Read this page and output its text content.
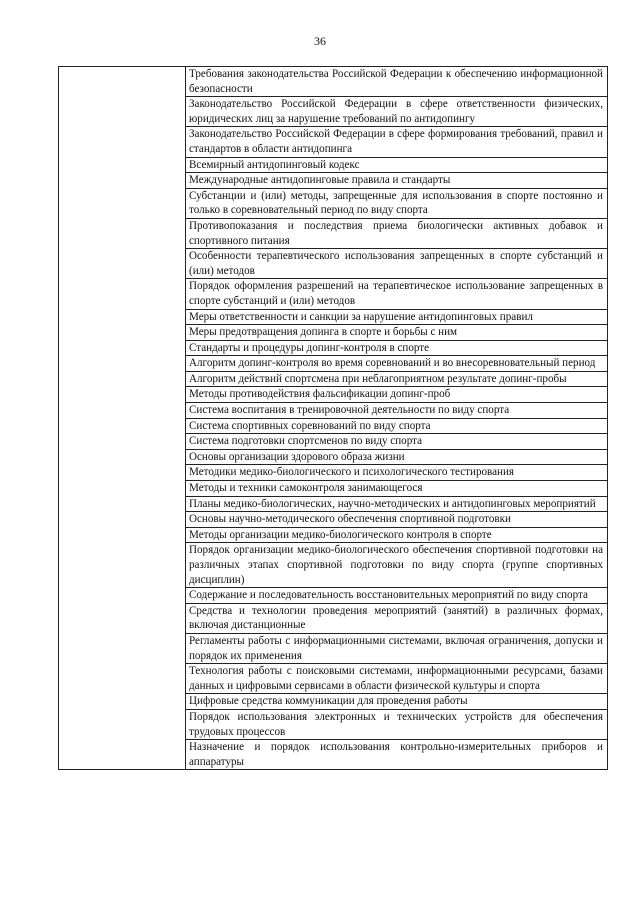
36
Требования законодательства Российской Федерации к обеспечению информационной безопасности
Законодательство Российской Федерации в сфере ответственности физических, юридических лиц за нарушение требований по антидопингу
Законодательство Российской Федерации в сфере формирования требований, правил и стандартов в области антидопинга
Всемирный антидопинговый кодекс
Международные антидопинговые правила и стандарты
Субстанции и (или) методы, запрещенные для использования в спорте постоянно и только в соревновательный период по виду спорта
Противопоказания и последствия приема биологически активных добавок и спортивного питания
Особенности терапевтического использования запрещенных в спорте субстанций и (или) методов
Порядок оформления разрешений на терапевтическое использование запрещенных в спорте субстанций и (или) методов
Меры ответственности и санкции за нарушение антидопинговых правил
Меры предотвращения допинга в спорте и борьбы с ним
Стандарты и процедуры допинг-контроля в спорте
Алгоритм допинг-контроля во время соревнований и во внесоревновательный период
Алгоритм действий спортсмена при неблагоприятном результате допинг-пробы
Методы противодействия фальсификации допинг-проб
Система воспитания в тренировочной деятельности по виду спорта
Система спортивных соревнований по виду спорта
Система подготовки спортсменов по виду спорта
Основы организации здорового образа жизни
Методики медико-биологического и психологического тестирования
Методы и техники самоконтроля занимающегося
Планы медико-биологических, научно-методических и антидопинговых мероприятий
Основы научно-методического обеспечения спортивной подготовки
Методы организации медико-биологического контроля в спорте
Порядок организации медико-биологического обеспечения спортивной подготовки на различных этапах спортивной подготовки по виду спорта (группе спортивных дисциплин)
Содержание и последовательность восстановительных мероприятий по виду спорта
Средства и технологии проведения мероприятий (занятий) в различных формах, включая дистанционные
Регламенты работы с информационными системами, включая ограничения, допуски и порядок их применения
Технология работы с поисковыми системами, информационными ресурсами, базами данных и цифровыми сервисами в области физической культуры и спорта
Цифровые средства коммуникации для проведения работы
Порядок использования электронных и технических устройств для обеспечения трудовых процессов
Назначение и порядок использования контрольно-измерительных приборов и аппаратуры
